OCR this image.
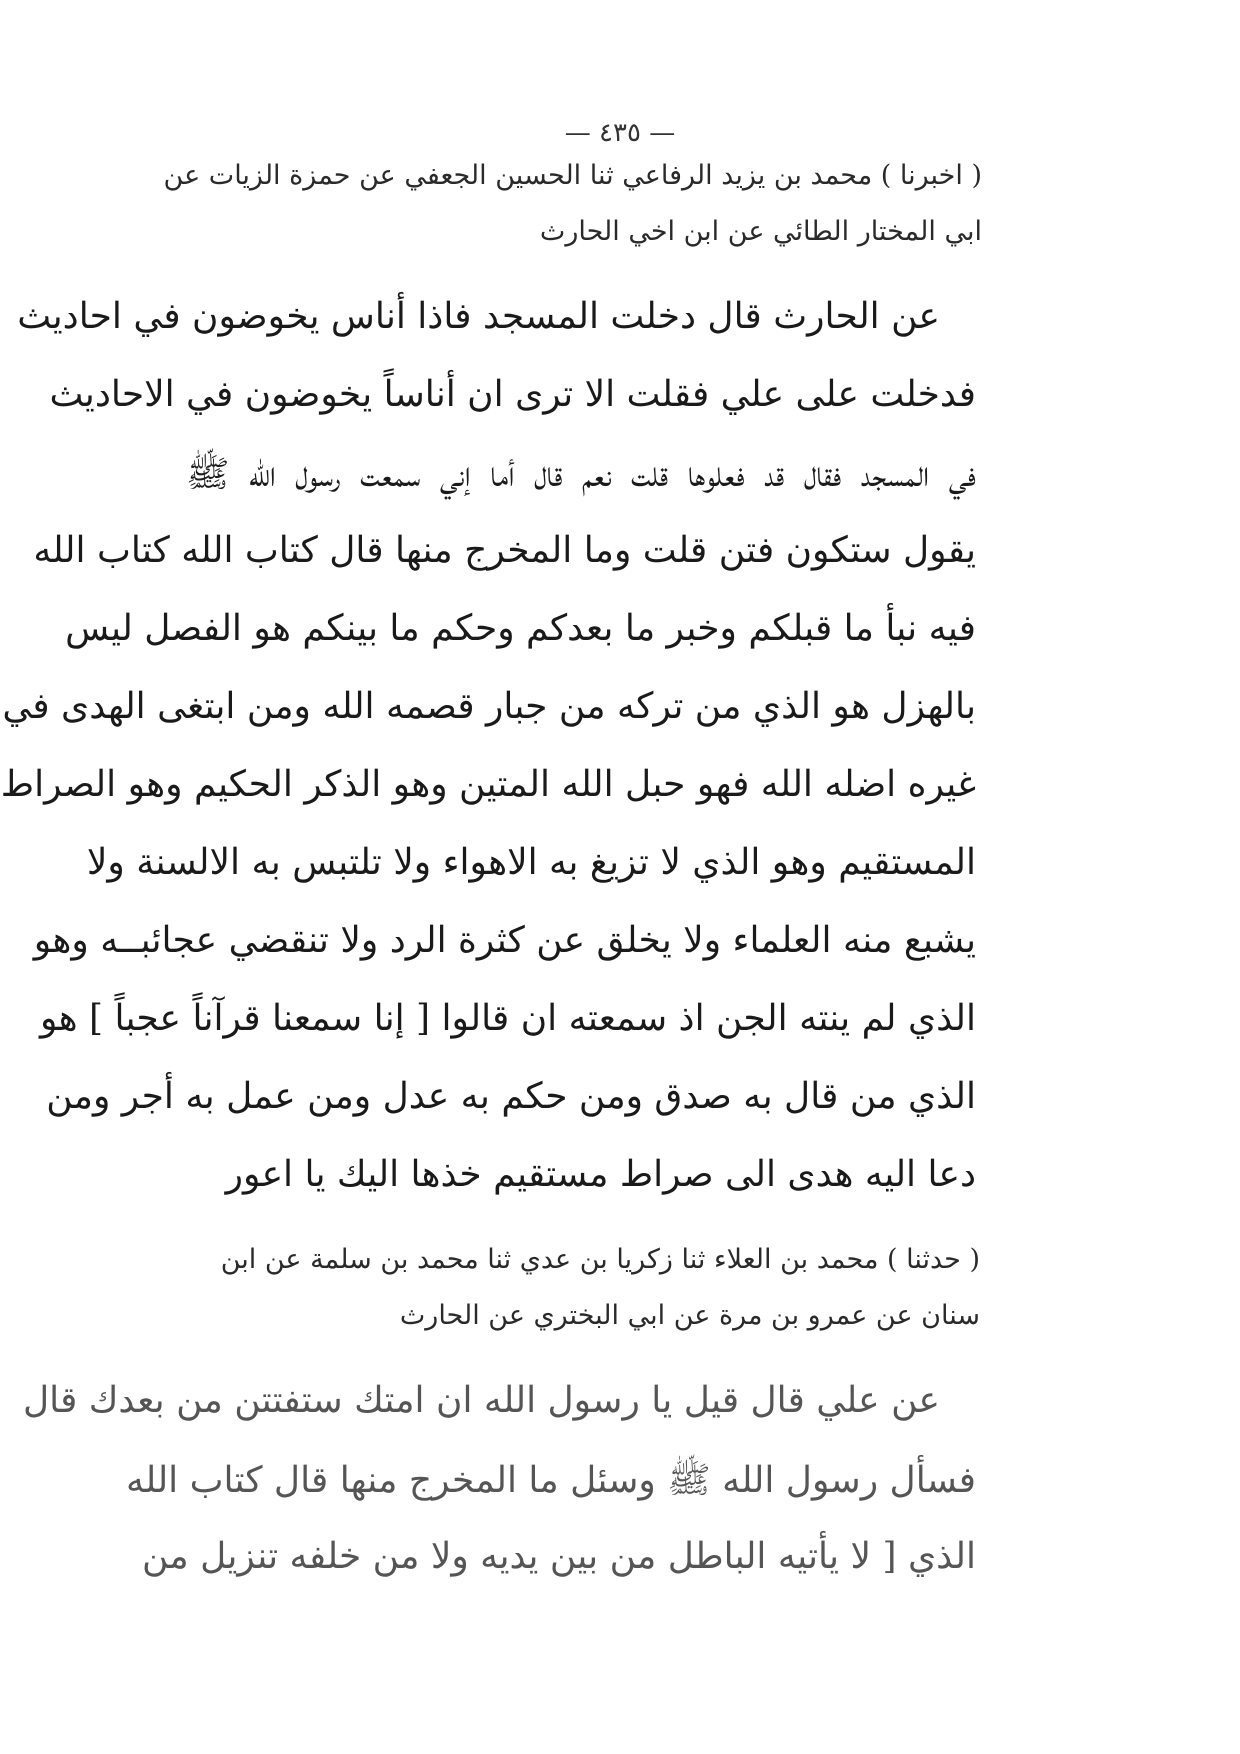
— ٤٣٥ —
( اخبرنا ) محمد بن يزيد الرفاعي ثنا الحسين الجعفي عن حمزة الزيات عن
ابي المختار الطائي عن ابن اخي الحارث
عن الحارث قال دخلت المسجد فاذا أناس يخوضون في احاديث
فدخلت على علي فقلت الا ترى ان أناساً يخوضون في الاحاديث
في المسجد فقال قد فعلوها قلت نعم قال أما إني سمعت رسول الله ﷺ
يقول ستكون فتن قلت وما المخرج منها قال كتاب الله كتاب الله
فيه نبأ ما قبلكم وخبر ما بعدكم وحكم ما بينكم هو الفصل ليس
بالهزل هو الذي من تركه من جبار قصمه الله ومن ابتغى الهدى في
غيره اضله الله فهو حبل الله المتين وهو الذكر الحكيم وهو الصراط
المستقيم وهو الذي لا تزيغ به الاهواء ولا تلتبس به الالسنة ولا
يشبع منه العلماء ولا يخلق عن كثرة الرد ولا تنقضي عجائبــه وهو
الذي لم ينته الجن اذ سمعته ان قالوا [ إنا سمعنا قرآناً عجباً ] هو
الذي من قال به صدق ومن حكم به عدل ومن عمل به أجر ومن
دعا اليه هدى الى صراط مستقيم خذها اليك يا اعور
( حدثنا ) محمد بن العلاء ثنا زكريا بن عدي ثنا محمد بن سلمة عن ابن
سنان عن عمرو بن مرة عن ابي البختري عن الحارث
عن علي قال قيل يا رسول الله ان امتك ستفتتن من بعدك قال
فسأل رسول الله ﷺ وسئل ما المخرج منها قال كتاب الله
الذي [ لا يأتيه الباطل من بين يديه ولا من خلفه تنزيل من
